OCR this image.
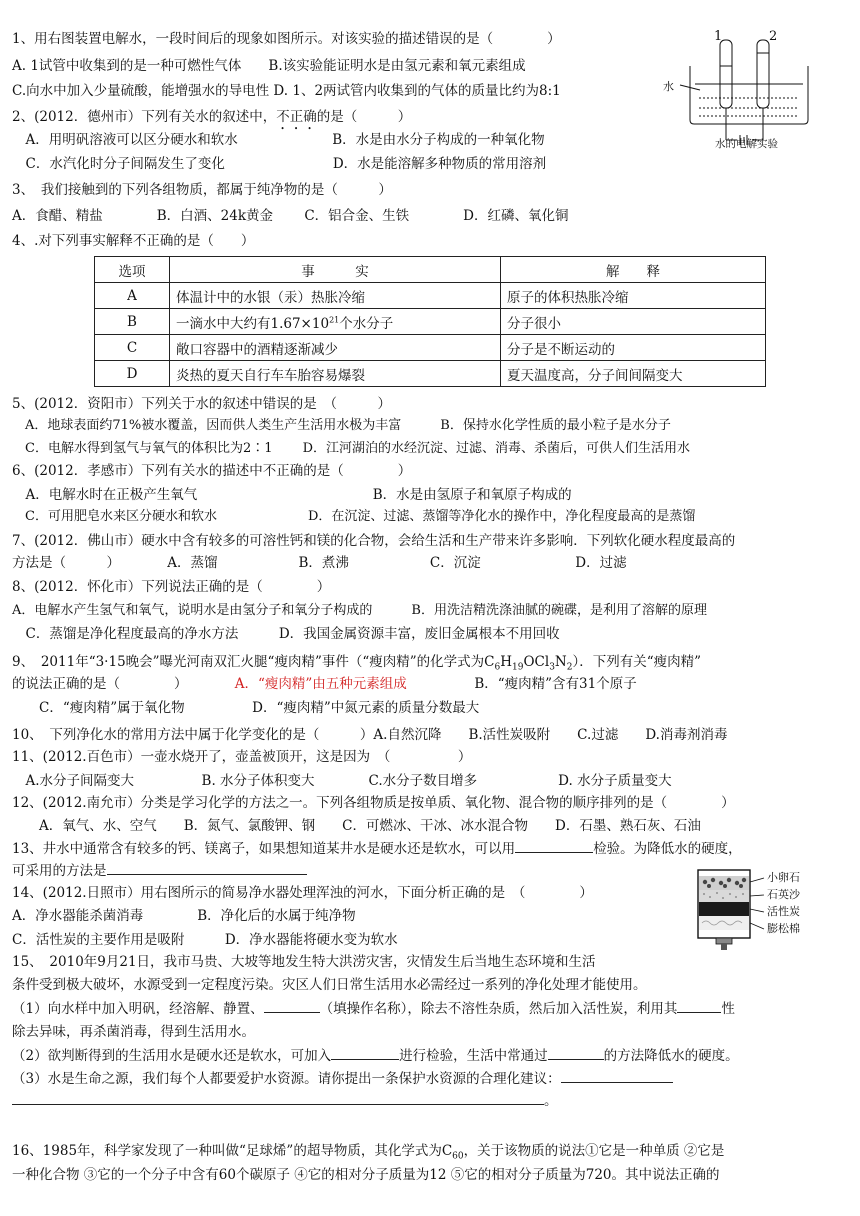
1、用右图装置电解水，一段时间后的现象如图所示。对该实验的描述错误的是（　　　　）
A. 1试管中收集到的是一种可燃性气体　　B.该实验能证明水是由氢元素和氧元素组成
C.向水中加入少量硫酸，能增强水的导电性 D. 1、2两试管内收集到的气体的质量比约为8:1
1	2
水
水的电解实验
2、(2012．德州市）下列有关水的叙述中，不正确的是（　　　）
　A．用明矾溶液可以区分硬水和软水　　　　　　　B．水是由水分子构成的一种氧化物
　C．水汽化时分子间隔发生了变化　　　　　　　　D．水是能溶解多种物质的常用溶剂
3、　我们接触到的下列各组物质，都属于纯净物的是（　　　）
A．食醋、精盐　　　　B．白酒、24k黄金　　 C．铝合金、生铁　　　　D．红磷、氧化铜
4、.对下列事实解释不正确的是（　　）
选项	事　　　实	解　　释
A	体温计中的水银（汞）热胀冷缩	原子的体积热胀冷缩
B	一滴水中大约有$1.67\times 10^{21}$个水分子	分子很小
C	敞口容器中的酒精逐渐减少	分子是不断运动的
D	炎热的夏天自行车车胎容易爆裂	夏天温度高，分子间间隔变大
5、(2012．资阳市）下列关于水的叙述中错误的是　（　　　）
　A．地球表面约71%被水覆盖，因而供人类生产生活用水极为丰富　　　B．保持水化学性质的最小粒子是水分子
　C．电解水得到氢气与氧气的体积比为2∶1　　 D．江河湖泊的水经沉淀、过滤、消毒、杀菌后，可供人们生活用水
6、(2012．孝感市）下列有关水的描述中不正确的是（　　　　）
　A．电解水时在正极产生氧气　　　　　　　　　　　　　B．水是由氢原子和氧原子构成的
　C．可用肥皂水来区分硬水和软水　　　　　　　D．在沉淀、过滤、蒸馏等净化水的操作中，净化程度最高的是蒸馏
7、(2012．佛山市）硬水中含有较多的可溶性钙和镁的化合物，会给生活和生产带来许多影响．下列软化硬水程度最高的
方法是（　　　）　　　　A．蒸馏　　　　　　B．煮沸　　　　　　C．沉淀　　　　　　　D．过滤
8、(2012．怀化市）下列说法正确的是（　　　　）
A．电解水产生氢气和氧气，说明水是由氢分子和氧分子构成的　　　B．用洗洁精洗涤油腻的碗碟，是利用了溶解的原理
　C．蒸馏是净化程度最高的净水方法　　　D．我国金属资源丰富，废旧金属根本不用回收
9、　2011年“3·15晚会”曝光河南双汇火腿“瘦肉精”事件（“瘦肉精”的化学式为$C_6H_{19}OCl_3N_2$）．下列有关“瘦肉精”
的说法正确的是（　　　　）　　　　	A．“瘦肉精”由五种元素组成　　　　　	B．“瘦肉精”含有31个原子
　　C．“瘦肉精”属于氧化物　　　　　D．“瘦肉精”中氮元素的质量分数最大
10、　下列净化水的常用方法中属于化学变化的是（　　　）A.自然沉降　　B.活性炭吸附　　C.过滤　　D.消毒剂消毒
11、(2012.百色市）一壶水烧开了，壶盖被顶开，这是因为　（　　　　　）
　A.水分子间隔变大　　　　　B. 水分子体积变大　　　　C.水分子数目增多　　　　　　D. 水分子质量变大
12、(2012.南允市）分类是学习化学的方法之一。下列各组物质是按单质、氧化物、混合物的顺序排列的是（　　　　）
　　A．氧气、水、空气　　B．氮气、氯酸钾、钢　　C．可燃冰、干冰、冰水混合物　　D．石墨、熟石灰、石油
13、井水中通常含有较多的钙、镁离子，如果想知道某井水是硬水还是软水，可以用	检验。为降低水的硬度，
可采用的方法是
14、(2012.日照市）用右图所示的简易净水器处理浑浊的河水，下面分析正确的是　（　　　　）
A．净水器能杀菌消毒　　　　B．净化后的水属于纯净物
C．活性炭的主要作用是吸附　　　D．净水器能将硬水变为软水
小卵石
石英沙
活性炭
膨松棉
15、　2010年9月21日，我市马贵、大坡等地发生特大洪涝灾害，灾情发生后当地生态环境和生活
条件受到极大破坏，水源受到一定程度污染。灾区人们日常生活用水必需经过一系列的净化处理才能使用。
（1）向水样中加入明矾，经溶解、静置、	（填操作名称），除去不溶性杂质，然后加入活性炭，利用其	性
除去异味，再杀菌消毒，得到生活用水。
（2）欲判断得到的生活用水是硬水还是软水，可加入	进行检验，生活中常通过	的方法降低水的硬度。
（3）水是生命之源，我们每个人都要爱护水资源。请你提出一条保护水资源的合理化建议：
。
16、1985年，科学家发现了一种叫做“足球烯”的超导物质，其化学式为$C_{60}$，关于该物质的说法①它是一种单质 ②它是
一种化合物 ③它的一个分子中含有60个碳原子 ④它的相对分子质量为12 ⑤它的相对分子质量为720。其中说法正确的
